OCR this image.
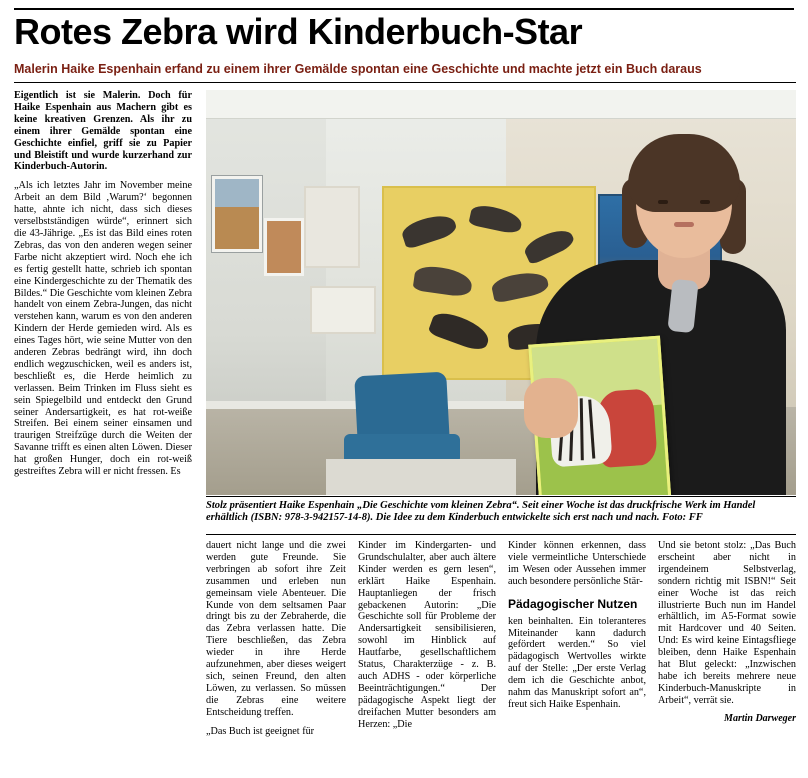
Rotes Zebra wird Kinderbuch-Star
Malerin Haike Espenhain erfand zu einem ihrer Gemälde spontan eine Geschichte und machte jetzt ein Buch daraus
Stolz präsentiert Haike Espenhain „Die Geschichte vom kleinen Zebra“. Seit einer Woche ist das druckfrische Werk im Handel erhältlich (ISBN: 978-3-942157-14-8). Die Idee zu dem Kinderbuch entwickelte sich erst nach und nach. Foto: FF

Eigentlich ist sie Malerin. Doch für Haike Espenhain aus Machern gibt es keine kreativen Grenzen. Als ihr zu einem ihrer Gemälde spontan eine Geschichte einfiel, griff sie zu Papier und Bleistift und wurde kurzerhand zur Kinderbuch-Autorin.

„Als ich letztes Jahr im November meine Arbeit an dem Bild ‚Warum?‘ begonnen hatte, ahnte ich nicht, dass sich dieses verselbstständigen würde“, erinnert sich die 43-Jährige. „Es ist das Bild eines roten Zebras, das von den anderen wegen seiner Farbe nicht akzeptiert wird. Noch ehe ich es fertig gestellt hatte, schrieb ich spontan eine Kindergeschichte zu der Thematik des Bildes.“ Die Geschichte vom kleinen Zebra handelt von einem Zebra-Jungen, das nicht verstehen kann, warum es von den anderen Kindern der Herde gemieden wird. Als es eines Tages hört, wie seine Mutter von den anderen Zebras bedrängt wird, ihn doch endlich wegzuschicken, weil es anders ist, beschließt es, die Herde heimlich zu verlassen. Beim Trinken im Fluss sieht es sein Spiegelbild und entdeckt den Grund seiner Andersartigkeit, es hat rot-weiße Streifen. Bei einem seiner einsamen und traurigen Streifzüge durch die Weiten der Savanne trifft es einen alten Löwen. Dieser hat großen Hunger, doch ein rot-weiß gestreiftes Zebra will er nicht fressen. Es

dauert nicht lange und die zwei werden gute Freunde. Sie verbringen ab sofort ihre Zeit zusammen und erleben nun gemeinsam viele Abenteuer. Die Kunde von dem seltsamen Paar dringt bis zu der Zebraherde, die das Zebra verlassen hatte. Die Tiere beschließen, das Zebra wieder in ihre Herde aufzunehmen, aber dieses weigert sich, seinen Freund, den alten Löwen, zu verlassen. So müssen die Zebras eine weitere Entscheidung treffen.

„Das Buch ist geeignet für

Kinder im Kindergarten- und Grundschulalter, aber auch ältere Kinder werden es gern lesen“, erklärt Haike Espenhain. Hauptanliegen der frisch gebackenen Autorin: „Die Geschichte soll für Probleme der Andersartigkeit sensibilisieren, sowohl im Hinblick auf Hautfarbe, gesellschaftlichem Status, Charakterzüge - z. B. auch ADHS - oder körperliche Beeinträchtigungen.“ Der pädagogische Aspekt liegt der dreifachen Mutter besonders am Herzen: „Die

Kinder können erkennen, dass viele vermeintliche Unterschiede im Wesen oder Aussehen immer auch besondere persönliche Stär-

Pädagogischer Nutzen

ken beinhalten. Ein toleranteres Miteinander kann dadurch gefördert werden.“ So viel pädagogisch Wertvolles wirkte auf der Stelle: „Der erste Verlag dem ich die Geschichte anbot, nahm das Manuskript sofort an“, freut sich Haike Espenhain.

Und sie betont stolz: „Das Buch erscheint aber nicht in irgendeinem Selbstverlag, sondern richtig mit ISBN!“ Seit einer Woche ist das reich illustrierte Buch nun im Handel erhältlich, im A5-Format sowie mit Hardcover und 40 Seiten. Und: Es wird keine Eintagsfliege bleiben, denn Haike Espenhain hat Blut geleckt: „Inzwischen habe ich bereits mehrere neue Kinderbuch-Manuskripte in Arbeit“, verrät sie.

Martin Darweger
